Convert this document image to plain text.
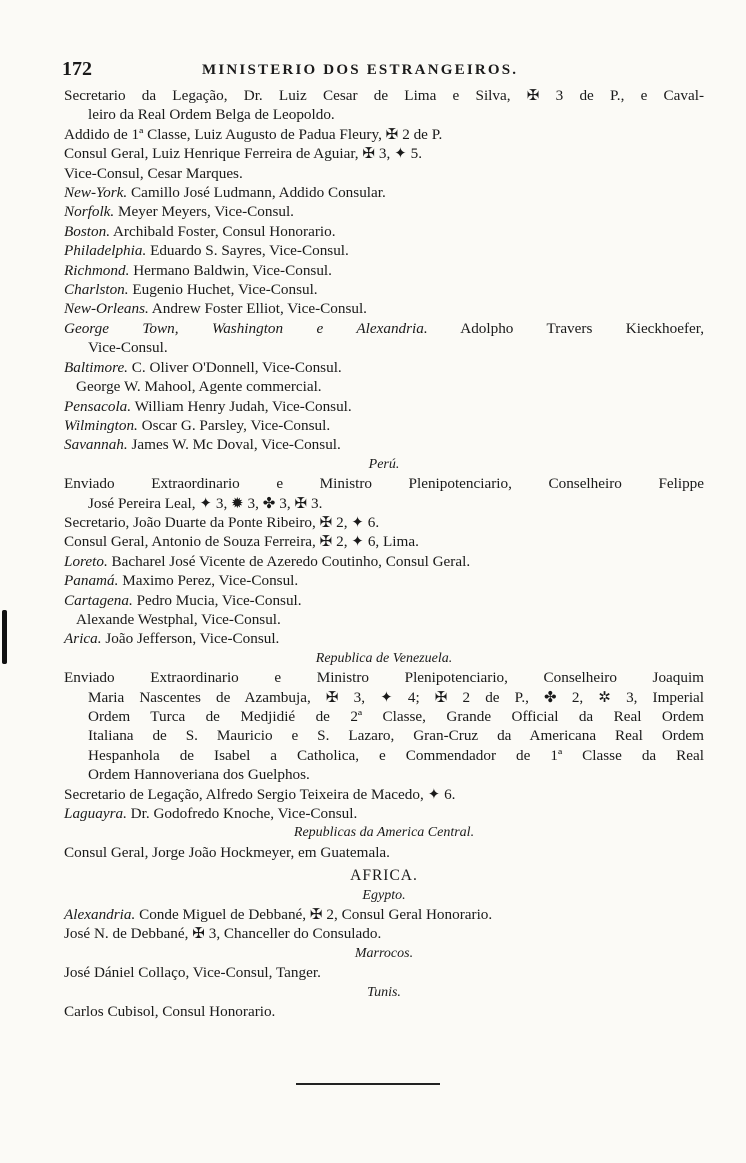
172	MINISTERIO DOS ESTRANGEIROS.
Secretario da Legação, Dr. Luiz Cesar de Lima e Silva, ✠ 3 de P., e Caval-
leiro da Real Ordem Belga de Leopoldo.
Addido de 1ª Classe, Luiz Augusto de Padua Fleury, ✠ 2 de P.
Consul Geral, Luiz Henrique Ferreira de Aguiar, ✠ 3, ✦ 5.
Vice-Consul, Cesar Marques.
New-York. Camillo José Ludmann, Addido Consular.
Norfolk. Meyer Meyers, Vice-Consul.
Boston. Archibald Foster, Consul Honorario.
Philadelphia. Eduardo S. Sayres, Vice-Consul.
Richmond. Hermano Baldwin, Vice-Consul.
Charlston. Eugenio Huchet, Vice-Consul.
New-Orleans. Andrew Foster Elliot, Vice-Consul.
George Town, Washington e Alexandria. Adolpho Travers Kieckhoefer,
Vice-Consul.
Baltimore. C. Oliver O'Donnell, Vice-Consul.
George W. Mahool, Agente commercial.
Pensacola. William Henry Judah, Vice-Consul.
Wilmington. Oscar G. Parsley, Vice-Consul.
Savannah. James W. Mc Doval, Vice-Consul.
Perú.
Enviado Extraordinario e Ministro Plenipotenciario, Conselheiro Felippe
José Pereira Leal, ✦ 3, ✹ 3, ✤ 3, ✠ 3.
Secretario, João Duarte da Ponte Ribeiro, ✠ 2, ✦ 6.
Consul Geral, Antonio de Souza Ferreira, ✠ 2, ✦ 6, Lima.
Loreto. Bacharel José Vicente de Azeredo Coutinho, Consul Geral.
Panamá. Maximo Perez, Vice-Consul.
Cartagena. Pedro Mucia, Vice-Consul.
Alexande Westphal, Vice-Consul.
Arica. João Jefferson, Vice-Consul.
Republica de Venezuela.
Enviado Extraordinario e Ministro Plenipotenciario, Conselheiro Joaquim
Maria Nascentes de Azambuja, ✠ 3, ✦ 4; ✠ 2 de P., ✤ 2, ✲ 3, Imperial
Ordem Turca de Medjidié de 2ª Classe, Grande Official da Real Ordem
Italiana de S. Mauricio e S. Lazaro, Gran-Cruz da Americana Real Ordem
Hespanhola de Isabel a Catholica, e Commendador de 1ª Classe da Real
Ordem Hannoveriana dos Guelphos.
Secretario de Legação, Alfredo Sergio Teixeira de Macedo, ✦ 6.
Laguayra. Dr. Godofredo Knoche, Vice-Consul.
Republicas da America Central.
Consul Geral, Jorge João Hockmeyer, em Guatemala.
AFRICA.
Egypto.
Alexandria. Conde Miguel de Debbané, ✠ 2, Consul Geral Honorario.
José N. de Debbané, ✠ 3, Chanceller do Consulado.
Marrocos.
José Dániel Collaço, Vice-Consul, Tanger.
Tunis.
Carlos Cubisol, Consul Honorario.
